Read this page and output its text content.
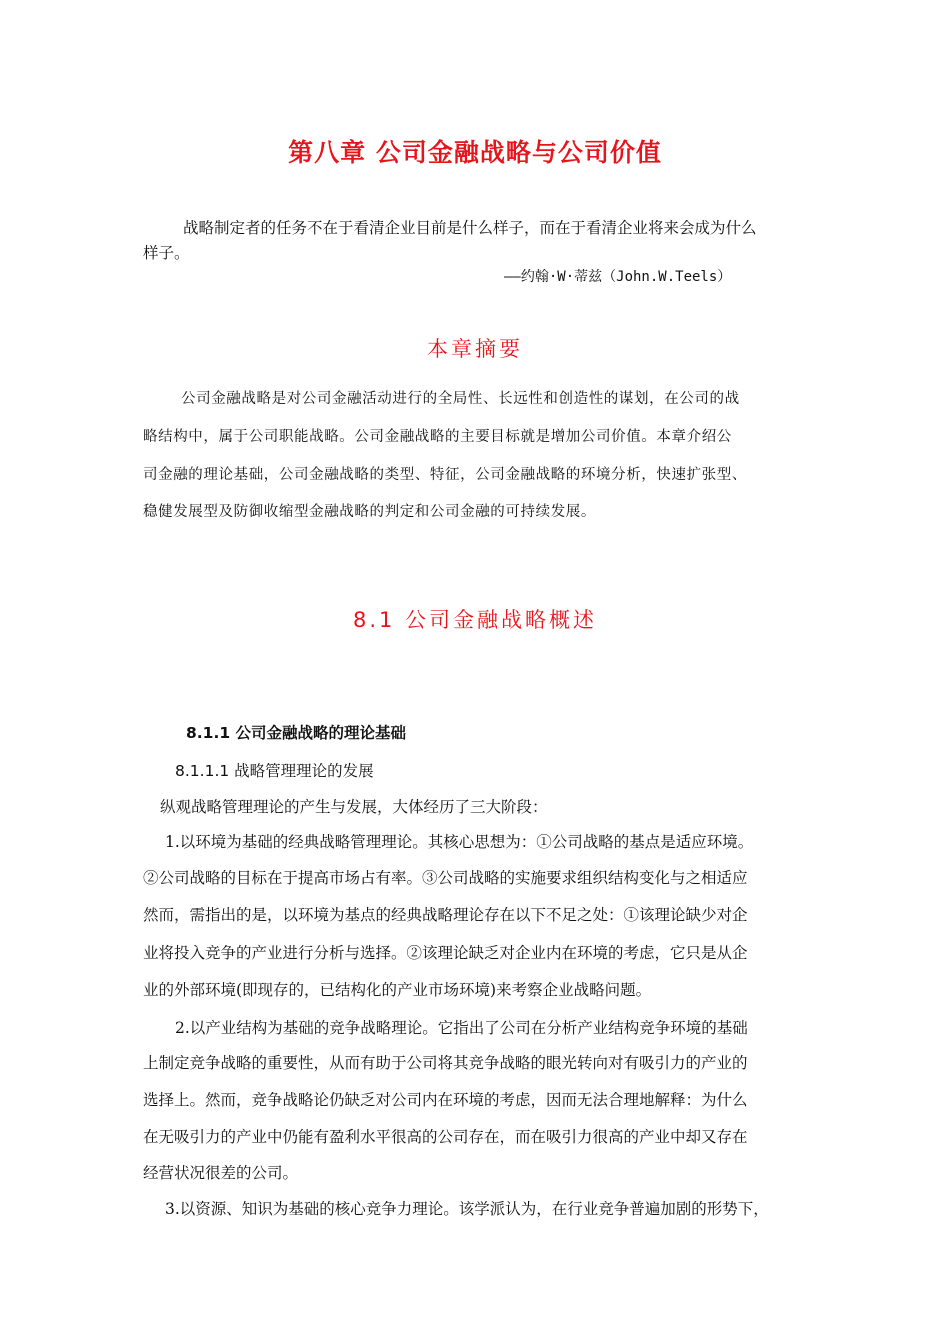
第八章 公司金融战略与公司价值
战略制定者的任务不在于看清企业目前是什么样子，而在于看清企业将来会成为什么
样子。
——约翰·W·蒂兹（John.W.Teels）
本章摘要
公司金融战略是对公司金融活动进行的全局性、长远性和创造性的谋划，在公司的战
略结构中，属于公司职能战略。公司金融战略的主要目标就是增加公司价值。本章介绍公
司金融的理论基础，公司金融战略的类型、特征，公司金融战略的环境分析，快速扩张型、
稳健发展型及防御收缩型金融战略的判定和公司金融的可持续发展。
8.1 公司金融战略概述
8.1.1 公司金融战略的理论基础
8.1.1.1 战略管理理论的发展
纵观战略管理理论的产生与发展，大体经历了三大阶段：
1.以环境为基础的经典战略管理理论。其核心思想为：①公司战略的基点是适应环境。
②公司战略的目标在于提高市场占有率。③公司战略的实施要求组织结构变化与之相适应
然而，需指出的是，以环境为基点的经典战略理论存在以下不足之处：①该理论缺少对企
业将投入竞争的产业进行分析与选择。②该理论缺乏对企业内在环境的考虑，它只是从企
业的外部环境(即现存的，已结构化的产业市场环境)来考察企业战略问题。
2.以产业结构为基础的竞争战略理论。它指出了公司在分析产业结构竞争环境的基础
上制定竞争战略的重要性，从而有助于公司将其竞争战略的眼光转向对有吸引力的产业的
选择上。然而，竞争战略论仍缺乏对公司内在环境的考虑，因而无法合理地解释：为什么
在无吸引力的产业中仍能有盈利水平很高的公司存在，而在吸引力很高的产业中却又存在
经营状况很差的公司。
3.以资源、知识为基础的核心竞争力理论。该学派认为，在行业竞争普遍加剧的形势下，
